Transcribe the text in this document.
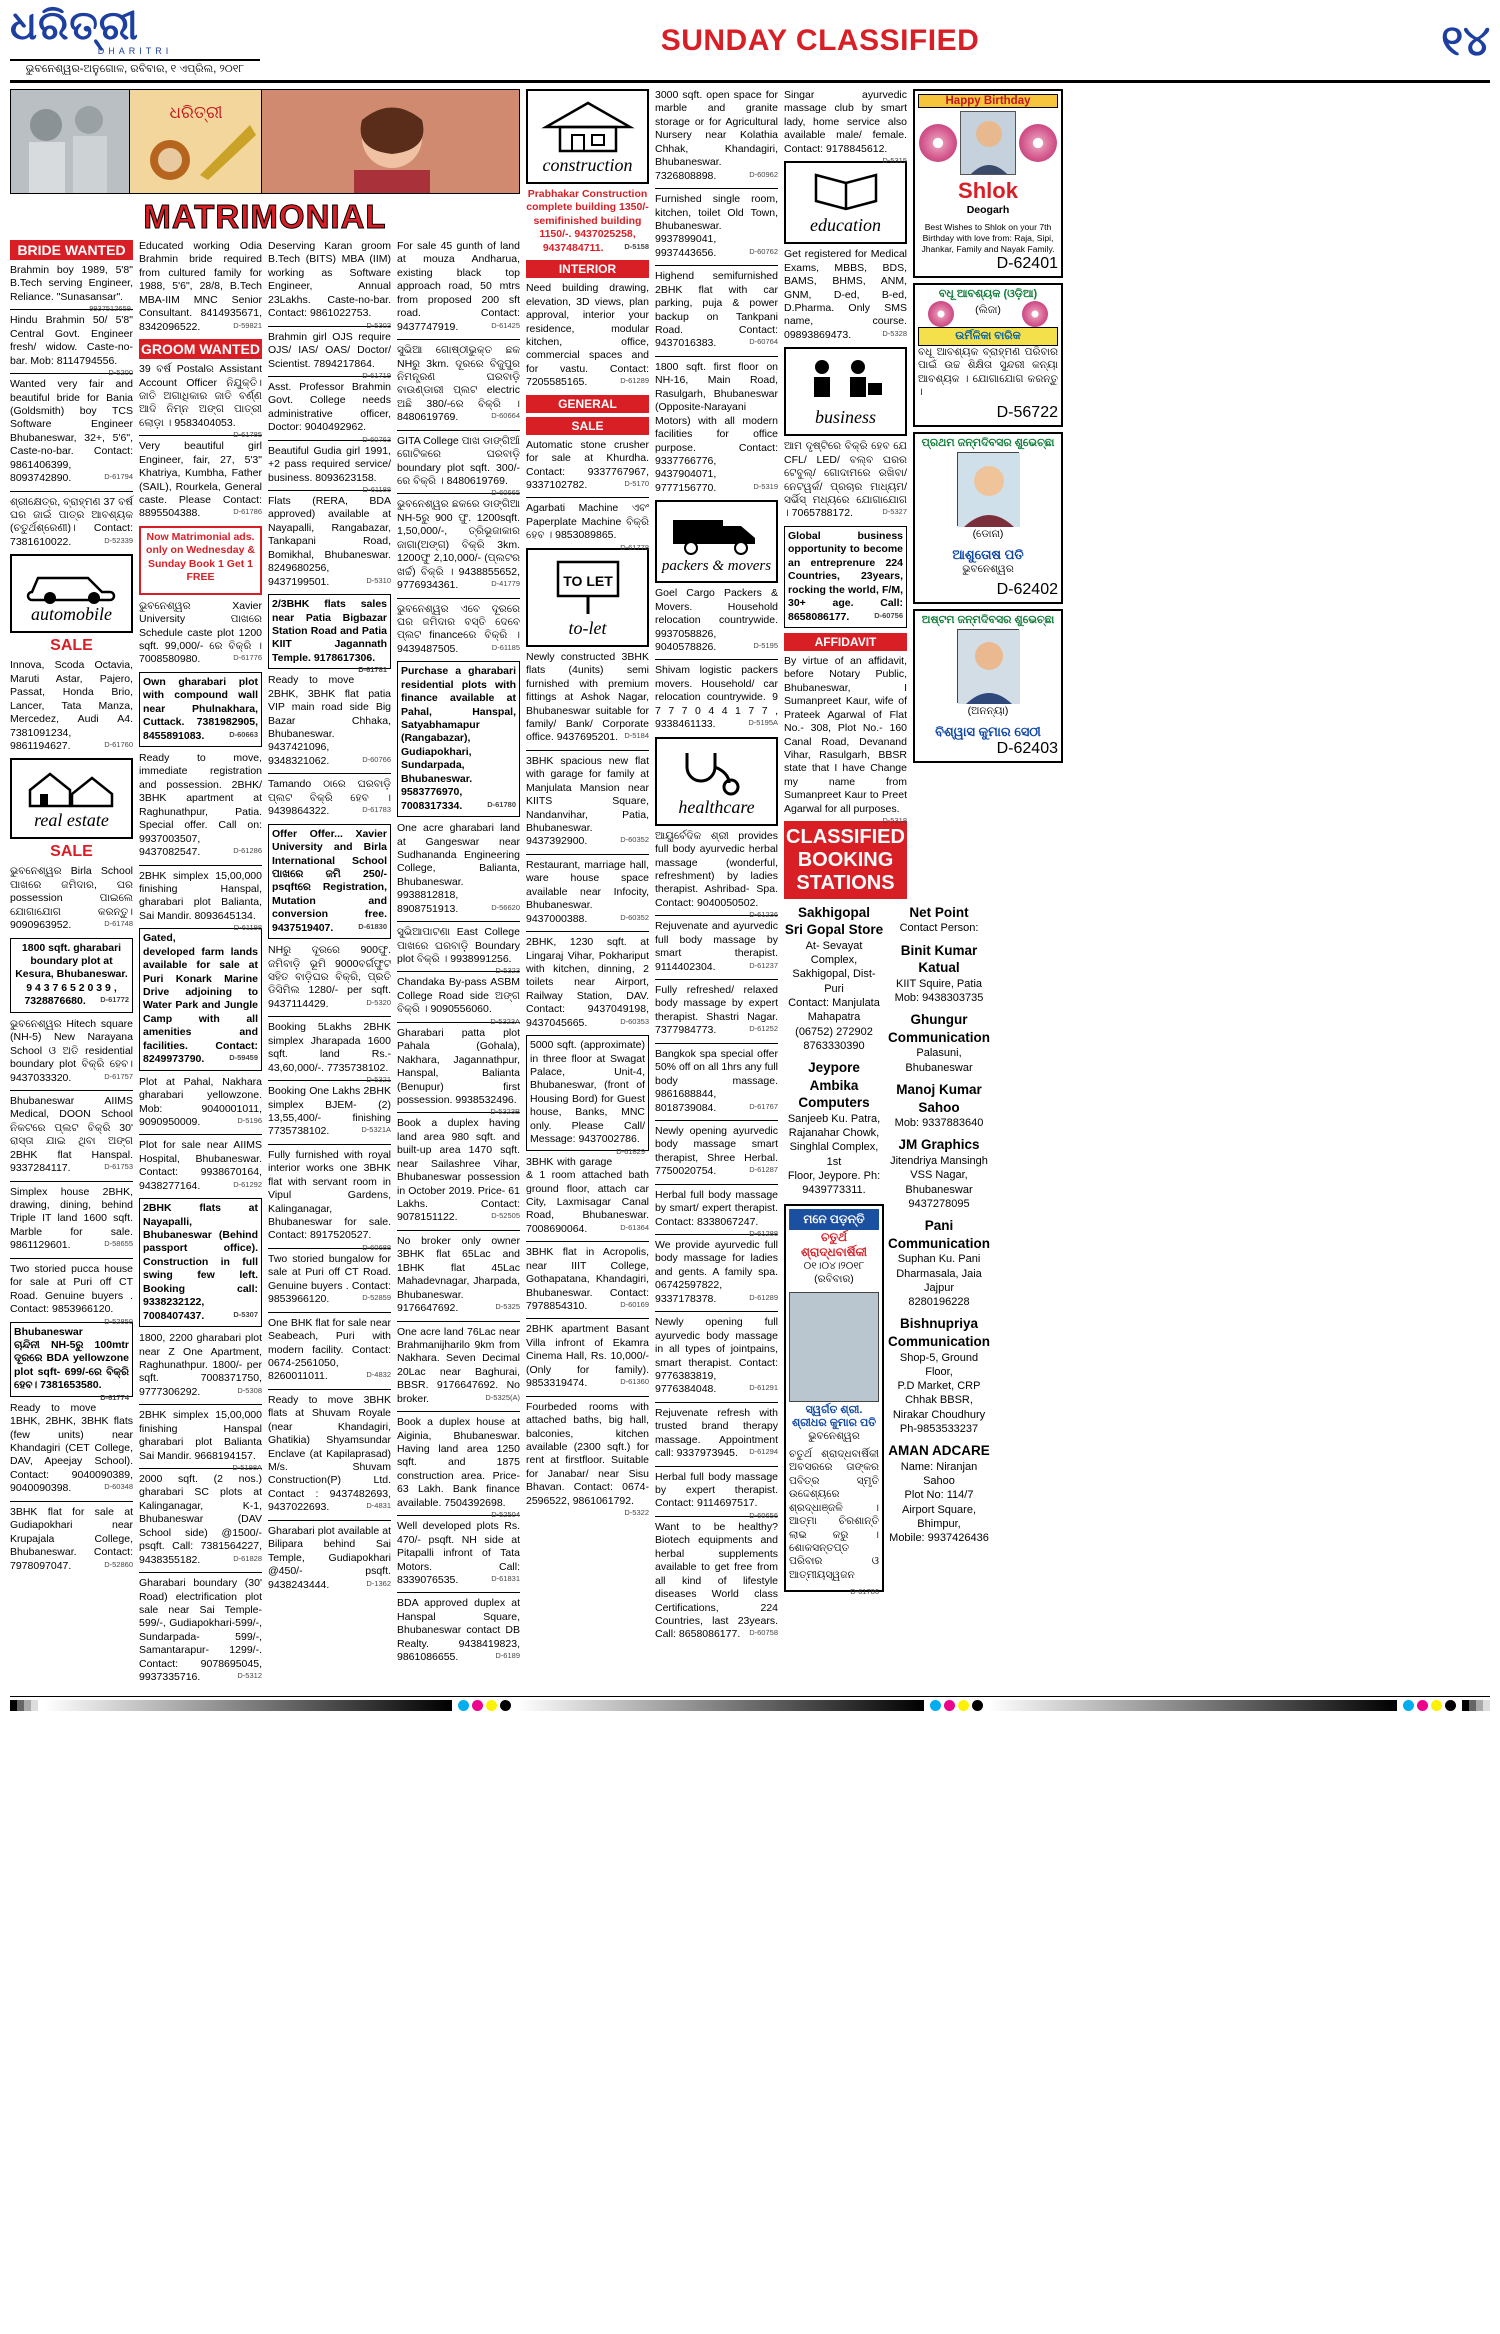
ଧରିତ୍ରୀ
DHARITRI
ଭୁବନେଶ୍ୱର-ଅନୁଗୋଳ, ରବିବାର, ୧ ଏପ୍ରିଲ, ୨୦୧୮
SUNDAY CLASSIFIED	୧୪
ଧରିତ୍ରୀ
MATRIMONIAL
BRIDE WANTED
Brahmin boy 1989, 5'8" B.Tech serving Engineer, Reliance. "Sunasansar".
9937512659.
Hindu Brahmin 50/ 5'8" Central Govt. Engineer fresh/ widow. Caste-no-bar. Mob: 8114794556.
D-5200
Wanted very fair and beautiful bride for Bania (Goldsmith) boy TCS Software Engineer Bhubaneswar, 32+, 5'6", Caste-no-bar. Contact: 9861406399, 8093742890.	D-61794
ଶ୍ରୀକ୍ଷେତ୍ର, ବ୍ରାହ୍ମଣ 37 ବର୍ଷ ଘର ଜାଇଁ ପାତ୍ର ଆବଶ୍ୟକ (ଚତୁର୍ଥଶ୍ରେଣୀ)। Contact: 7381610022.	D-52339
automobile
SALE
Innova, Scoda Octavia, Maruti Astar, Pajero, Passat, Honda Brio, Lancer, Tata Manza, Mercedez, Audi A4. 7381091234, 9861194627.	D-61760
real estate
SALE
ଭୁବନେଶ୍ୱର Birla School ପାଖରେ ଜମିଦାର, ଘର possession ପାଇଲେ ଯୋଗାଯୋଗ କରନ୍ତୁ। 9090963952.	D-61748
1800 sqft. gharabari boundary plot at Kesura, Bhubaneswar. 9 4 3 7 6 5 2 0 3 9 , 7328876680. D-61772
ଭୁବନେଶ୍ୱର Hitech square (NH-5) New Narayana School ଓ ଅତି residential boundary plot ବିକ୍ରି ହେବ। 9437033320.	D-61757
Bhubaneswar AIIMS Medical, DOON School ନିକଟରେ ପ୍ଲଟ ବିକ୍ରି 30' ରାସ୍ତା ଯାଇ ଥିବା ଅଙ୍ଗ 2BHK flat Hanspal. 9337284117.	D-61753
Simplex house 2BHK, drawing, dining, behind Triple IT land 1600 sqft. Marble for sale. 9861129601.	D-58655
Two storied pucca house for sale at Puri off CT Road. Genuine buyers . Contact: 9853966120.
D-52859
Bhubaneswar ଚାନ୍ଦିନୀ NH-5ରୁ 100mtr ଦୂରରେ BDA yellowzone plot sqft- 699/-ରେ ବିକ୍ରି ହେବ। 7381653580.
D-61774
Ready to move 1BHK, 2BHK, 3BHK flats (few units) near Khandagiri (CET College, DAV, Apeejay School). Contact: 9040090389, 9040090398.	D-60348
3BHK flat for sale at Gudiapokhari near Krupajala College, Bhubaneswar. Contact: 7978097047.	D-52860
Educated working Odia Brahmin bride required from cultured family for 1988, 5'6", 28/8, B.Tech MBA-IIM MNC Senior Consultant. 8414935671, 8342096522.	D-59821
GROOM WANTED
39 ବର୍ଷ Postalର Assistant Account Officer ନିଯୁକ୍ତି। ଜାତି ଅଗାଧିକାର ଜାତି ବର୍ଣ୍ଣ ଆଦି ନିମ୍ନ ଅଙ୍ଗ ପାତ୍ରୀ ଲୋଡ଼ା । 9583404053.
D-61785
Very beautiful girl Engineer, fair, 27, 5'3" Khatriya, Kumbha, Father (SAIL), Rourkela, General caste. Please Contact: 8895504388.	D-61786
Now Matrimonial ads. only on Wednesday & Sunday Book 1 Get 1 FREE
ଭୁବନେଶ୍ୱର Xavier University ପାଖରେ Schedule caste plot 1200 sqft. 99,000/- ରେ ବିକ୍ରି । 7008580980.	D-61776
Own gharabari plot with compound wall near Phulnakhara, Cuttack. 7381982905, 8455891083.	D-60663
Ready to move, immediate registration and possession. 2BHK/ 3BHK apartment at Raghunathpur, Patia. Special offer. Call on: 9937003507, 9437082547.	D-61286
2BHK simplex 15,00,000 finishing Hanspal, gharabari plot Balianta, Sai Mandir. 8093645134.
D-61198
Gated, developed farm lands available for sale at Puri Konark Marine Drive adjoining to Water Park and Jungle Camp with all amenities and facilities. Contact: 8249973790.	D-59459
Plot at Pahal, Nakhara gharabari yellowzone. Mob: 9040001011, 9090950009.	D-5196
Plot for sale near AIIMS Hospital, Bhubaneswar. Contact: 9938670164, 9438277164.	D-61292
2BHK flats at Nayapalli, Bhubaneswar (Behind passport office). Construction in full swing few left. Booking call: 9338232122, 7008407437.	D-5307
1800, 2200 gharabari plot near Z One Apartment, Raghunathpur. 1800/- per sqft. 7008371750, 9777306292.	D-5308
2BHK simplex 15,00,000 finishing Hanspal gharabari plot Balianta Sai Mandir. 9668194157.
D-5198A
2000 sqft. (2 nos.) gharabari SC plots at Kalinganagar, K-1, Bhubaneswar (DAV School side) @1500/-psqft. Call: 7381564227, 9438355182.	D-61828
Gharabari boundary (30' Road) electrification plot sale near Sai Temple-599/-, Gudiapokhari-599/-, Sundarpada- 599/-, Samantarapur- 1299/-. Contact: 9078695045, 9937335716.	D-5312
Deserving Karan groom B.Tech (BITS) MBA (IIM) working as Software Engineer, Annual 23Lakhs. Caste-no-bar. Contact: 9861022753.
D-5303
Brahmin girl OJS require OJS/ IAS/ OAS/ Doctor/ Scientist. 7894217864.
D-61719
Asst. Professor Brahmin Govt. College needs administrative officer, Doctor: 9040492962.
D-60763
Beautiful Gudia girl 1991, +2 pass required service/ business. 8093623158.
D-61188
Flats (RERA, BDA approved) available at Nayapalli, Rangabazar, Tankapani Road, Bomikhal, Bhubaneswar. 8249680256, 9437199501.	D-5310
2/3BHK flats sales near Patia Bigbazar Station Road and Patia KIIT Jagannath Temple. 9178617306.
D-61781
Ready to move 2BHK, 3BHK flat patia VIP main road side Big Bazar Chhaka, Bhubaneswar. 9437421096, 9348321062.	D-60766
Tamando ଠାରେ ଘରବାଡ଼ି ପ୍ଲଟ ବିକ୍ରି ହେବ । 9439864322.	D-61783
Offer Offer... Xavier University and Birla International School ପାଖରେ ଜମି 250/- psqftରେ Registration, Mutation and conversion free. 9437519407.	D-61830
NHରୁ ଦୂରରେ 900ଫୁ. ଜମିବାଡ଼ି ଭୂମି 9000ବର୍ଗଫୁଟ ସହିତ ବାଡ଼ିଘର ବିକ୍ରି, ପ୍ରତି ଡିସିମିଲ 1280/- per sqft. 9437114429.	D-5320
Booking 5Lakhs 2BHK simplex Jharapada 1600 sqft. land Rs.- 43,60,000/-. 7735738102.
D-5321
Booking One Lakhs 2BHK simplex BJEM- (2) 13,55,400/- finishing 7735738102.	D-5321A
Fully furnished with royal interior works one 3BHK flat with servant room in Vipul Gardens, Kalinganagar, Bhubaneswar for sale. Contact: 8917520527.
D-60688
Two storied bungalow for sale at Puri off CT Road. Genuine buyers . Contact: 9853966120.	D-52859
One BHK flat for sale near Seabeach, Puri with modern facility. Contact: 0674-2561050, 8260011011.	D-4832
Ready to move 3BHK flats at Shuvam Royale (near Khandagiri, Ghatikia) Shyamsundar Enclave (at Kapilaprasad) M/s. Shuvam Construction(P) Ltd. Contact : 9437482693, 9437022693.	D-4831
Gharabari plot available at Bilipara behind Sai Temple, Gudiapokhari @450/- psqft. 9438243444.	D-1362
For sale 45 gunth of land at mouza Andharua, existing black top approach road, 50 mtrs from proposed 200 sft road. Contact: 9437747919.	D-61425
ସୁଭିଆ ଗୋଷ୍ଠୀଭୁକ୍ତ ଛକ NHରୁ 3km. ଦୂରରେ ବିଜୁପୁର ନିମନ୍ତ୍ରଣ ଘରବାଡ଼ି ବାଉଣ୍ଡାରୀ ପ୍ଲଟ electric ଅଛି 380/-ରେ ବିକ୍ରି । 8480619769.	D-60664
GITA College ପାଖ ଡାଙ୍ଗିଆଁ ଗୋଟିକରେ ଘରବାଡ଼ି boundary plot sqft. 300/-ରେ ବିକ୍ରି । 8480619769.
D-60665
ଭୁବନେଶ୍ୱର ଛକରେ ଡାଙ୍ଗିଆ NH-5ରୁ 900 ଫୁ. 1200sqft. 1,50,000/-, ତ୍ରିଭୂଜାକାର ଜାଗା(ଅଙ୍ଗ) ବିକ୍ରି 3km. 1200ଫୁ 2,10,000/- (ପ୍ଲଟର ଖର୍ଚ୍ଚ) ବିକ୍ରି । 9438855652, 9776934361.	D-41779
ଭୁବନେଶ୍ୱର ଏବେ ଦୂରରେ ଘର ଜମିଦାର ବସ୍ତି ଦେବେ ପ୍ଲଟ financeରେ ବିକ୍ରି । 9439487505.	D-61185
Purchase a gharabari residential plots with finance available at Pahal, Hanspal, Satyabhamapur (Rangabazar), Gudiapokhari, Sundarpada, Bhubaneswar. 9583776970, 7008317334.	D-61780
One acre gharabari land at Gangeswar near Sudhananda Engineering College, Balianta, Bhubaneswar. 9938812818, 8908751913.	D-56620
ସୁଭିଆପାଟଣା East College ପାଖରେ ଘରବାଡ଼ି Boundary plot ବିକ୍ରି । 9938991256.
D-5323
Chandaka By-pass ASBM College Road side ଅଙ୍ଗ ବିକ୍ରି । 9090556060.
D-5323A
Gharabari patta plot Pahala (Gohala), Nakhara, Jagannathpur, Hanspal, Balianta (Benupur) first possession. 9938532496.
D-5323B
Book a duplex having land area 980 sqft. and built-up area 1470 sqft. near Sailashree Vihar, Bhubaneswar possession in October 2019. Price- 61 Lakhs. Contact: 9078151122.	D-52505
No broker only owner 3BHK flat 65Lac and 1BHK flat 45Lac Mahadevnagar, Jharpada, Bhubaneswar. 9176647692.	D-5325
One acre land 76Lac near Brahmanijharilo 9km from Nakhara. Seven Decimal 20Lac near Baghurai, BBSR. 9176647692. No broker.	D-5325(A)
Book a duplex house at Aiginia, Bhubaneswar. Having land area 1250 sqft. and 1875 construction area. Price- 63 Lakh. Bank finance available. 7504392698.
D-52504
Well developed plots Rs. 470/- psqft. NH side at Pitapalli infront of Tata Motors. Call: 8339076535.	D-61831
BDA approved duplex at Hanspal Square, Bhubaneswar contact DB Realty. 9438419823, 9861086655.	D-6189
construction
Prabhakar Construction complete building 1350/- semifinished building 1150/-. 9437025258, 9437484711.	D-5158
INTERIOR
Need building drawing, elevation, 3D views, plan approval, interior your residence, modular kitchen, office, commercial spaces and for vastu. Contact: 7205585165.	D-61289
GENERAL
SALE
Automatic stone crusher for sale at Khurdha. Contact: 9337767967, 9337102782.	D-5170
Agarbati Machine ଏବଂ Paperplate Machine ବିକ୍ରି ହେବ । 9853089865.
D-61778
TO LET
to-let
Newly constructed 3BHK flats (4units) semi furnished with premium fittings at Ashok Nagar, Bhubaneswar suitable for family/ Bank/ Corporate office. 9437695201. D-5184
3BHK spacious new flat with garage for family at Manjulata Mansion near KIITS Square, Nandanvihar, Patia, Bhubaneswar. 9437392900.	D-60352
Restaurant, marriage hall, ware house space available near Infocity, Bhubaneswar. 9437000388.	D-60352
2BHK, 1230 sqft. at Lingaraj Vihar, Pokhariput with kitchen, dinning, 2 toilets near Airport, Railway Station, DAV. Contact: 9437049198, 9437045665.	D-60353
5000 sqft. (approximate) in three floor at Swagat Palace, Unit-4, Bhubaneswar, (front of Housing Bord) for Guest house, Banks, MNC only. Please Call/ Message: 9437002786.
D-61829
3BHK with garage & 1 room attached bath ground floor, attach car City, Laxmisagar Canal Road, Bhubaneswar. 7008690064.	D-61364
3BHK flat in Acropolis, near IIIT College, Gothapatana, Khandagiri, Bhubaneswar. Contact: 7978854310.	D-60169
2BHK apartment Basant Villa infront of Ekamra Cinema Hall, Rs. 10,000/- (Only for family). 9853319474.	D-61360
Fourbeded rooms with attached baths, big hall, balconies, kitchen available (2300 sqft.) for rent at firstfloor. Suitable for Janabar/ near Sisu Bhavan. Contact: 0674-2596522, 9861061792.
D-5322
3000 sqft. open space for marble and granite storage or for Agricultural Nursery near Kolathia Chhak, Khandagiri, Bhubaneswar. 7326808898.	D-60962
Furnished single room, kitchen, toilet Old Town, Bhubaneswar. 9937899041, 9937443656.	D-60762
Highend semifurnished 2BHK flat with car parking, puja & power backup on Tankpani Road. Contact: 9437016383.	D-60764
1800 sqft. first floor on NH-16, Main Road, Rasulgarh, Bhubaneswar (Opposite-Narayani Motors) with all modern facilities for office purpose. Contact: 9337766776, 9437904071, 9777156770.	D-5319
packers & movers
Goel Cargo Packers & Movers. Household relocation countrywide. 9937058826, 9040578826.	D-5195
Shivam logistic packers movers. Household/ car relocation countrywide. 9 7 7 7 0 4 4 1 7 7 , 9338461133.	D-5195A
healthcare
ଆୟୁର୍ବେଦିକ ଶ୍ରୀ provides full body ayurvedic herbal massage (wonderful, refreshment) by ladies therapist. Ashribad- Spa. Contact: 9040050502.
D-61236
Rejuvenate and ayurvedic full body massage by smart therapist. 9114402304.	D-61237
Fully refreshed/ relaxed body massage by expert therapist. Shastri Nagar. 7377984773.	D-61252
Bangkok spa special offer 50% off on all 1hrs any full body massage. 9861688844, 8018739084.	D-61767
Newly opening ayurvedic body massage smart therapist, Shree Herbal. 7750020754.	D-61287
Herbal full body massage by smart/ expert therapist. Contact: 8338067247.
D-61288
We provide ayurvedic full body massage for ladies and gents. A family spa. 06742597822, 9337178378.	D-61289
Newly opening full ayurvedic body massage in all types of jointpains, smart therapist. Contact: 9776383819, 9776384048.	D-61291
Rejuvenate refresh with trusted brand therapy massage. Appointment call: 9337973945. D-61294
Herbal full body massage by expert therapist. Contact: 9114697517.
D-60656
Want to be healthy? Biotech equipments and herbal supplements available to get free from all kind of lifestyle diseases World class Certifications, 224 Countries, last 23years. Call: 8658086177. D-60758
Singar ayurvedic massage club by smart lady, home service also available male/ female. Contact: 9178845612.
D-5315
education
Get registered for Medical Exams, MBBS, BDS, BAMS, BHMS, ANM, GNM, D-ed, B-ed, D.Pharma. Only SMS name, course. 09893869473.	D-5328
business
ଆମ ଦୃଷ୍ଟିରେ ବିକ୍ରି ହେବ ଯେ CFL/ LED/ ବଲ୍ବ ଘରର ଟେବୁଲ୍/ ଗୋଦାମରେ ରଖିବା/ ନେଟୱର୍କ/ ପ୍ରଚାର ମାଧ୍ୟମ/ ସର୍ଭିସ୍ ମଧ୍ୟରେ ଯୋଗାଯୋଗ । 7065788172.	D-5327
Global business opportunity to become an entreprenure 224 Countries, 23years, rocking the world, F/M, 30+ age. Call: 8658086177.	D-60756
AFFIDAVIT
By virtue of an affidavit, before Notary Public, Bhubaneswar, I Sumanpreet Kaur, wife of Prateek Agarwal of Flat No.- 308, Plot No.- 160 Canal Road, Devanand Vihar, Rasulgarh, BBSR state that I have Change my name from Sumanpreet Kaur to Preet Agarwal for all purposes.
D-5318
CLASSIFIED
BOOKING STATIONS
Sakhigopal
Sri Gopal Store
At- Sevayat Complex,
Sakhigopal, Dist-Puri
Contact: Manjulata
Mahapatra
(06752) 272902
8763330390
Jeypore
Ambika Computers
Sanjeeb Ku. Patra,
Rajanahar Chowk,
Singhlal Complex, 1st
Floor, Jeypore. Ph:
9439773311.
ମନେ ପଡ଼ନ୍ତି
ଚତୁର୍ଥ ଶ୍ରାଦ୍ଧବାର୍ଷିକୀ
୦୧।୦୪।୨୦୧୮ (ରବିବାର)
ସ୍ୱର୍ଗତ ଶ୍ରୀ. ଶ୍ରୀଧର କୁମାର ପତି
ଭୁବନେଶ୍ୱର
ଚତୁର୍ଥ ଶ୍ରାଦ୍ଧବାର୍ଷିକୀ ଅବସରରେ ତାଙ୍କର ପବିତ୍ର ସ୍ମୃତି ଉଦ୍ଦେଶ୍ୟରେ ଶ୍ରଦ୍ଧାଞ୍ଜଳି । ଆତ୍ମା ଚିରଶାନ୍ତି ଲାଭ କରୁ । ଶୋକସନ୍ତପ୍ତ ପରିବାର ଓ ଆତ୍ମୀୟସ୍ୱଜନ
D-61786
Net Point
Contact Person:
Binit Kumar Katual
KIIT Squire, Patia
Mob: 9438303735
Ghungur Communication
Palasuni, Bhubaneswar
Manoj Kumar Sahoo
Mob: 9337883640
JM Graphics
Jitendriya Mansingh
VSS Nagar, Bhubaneswar
9437278095
Pani Communication
Suphan Ku. Pani
Dharmasala, Jaia
Jajpur
8280196228
Bishnupriya Communication
Shop-5, Ground Floor,
P.D Market, CRP
Chhak BBSR,
Nirakar Choudhury
Ph-9853533237
AMAN ADCARE
Name: Niranjan Sahoo
Plot No: 114/7
Airport Square, Bhimpur,
Mobile: 9937426436
Happy Birthday
Shlok
Deogarh
Best Wishes to Shlok on your 7th Birthday with love from: Raja, Sipi, Jhankar, Family and Nayak Family.
D-62401
ବଧୂ ଆବଶ୍ୟକ (ଓଡ଼ିଆ)
(ଲିଜା)
ଉର୍ମିଳିକା ବାରିକ
ବଧୂ ଆବଶ୍ୟକ ବ୍ରାହ୍ମଣ ପରିବାର ପାଇଁ ଉଚ୍ଚ ଶିକ୍ଷିତା ସୁନ୍ଦରୀ କନ୍ୟା ଆବଶ୍ୟକ । ଯୋଗାଯୋଗ କରନ୍ତୁ ।
D-56722
ପ୍ରଥମ ଜନ୍ମଦିବସର ଶୁଭେଚ୍ଛା
(ଡୋନା)
ଆଶୁତୋଷ ପତି
ଭୁବନେଶ୍ୱର
D-62402
ଅଷ୍ଟମ ଜନ୍ମଦିବସର ଶୁଭେଚ୍ଛା
(ଅନନ୍ୟା)
ବିଶ୍ୱାସ କୁମାର ସେଠୀ
D-62403
